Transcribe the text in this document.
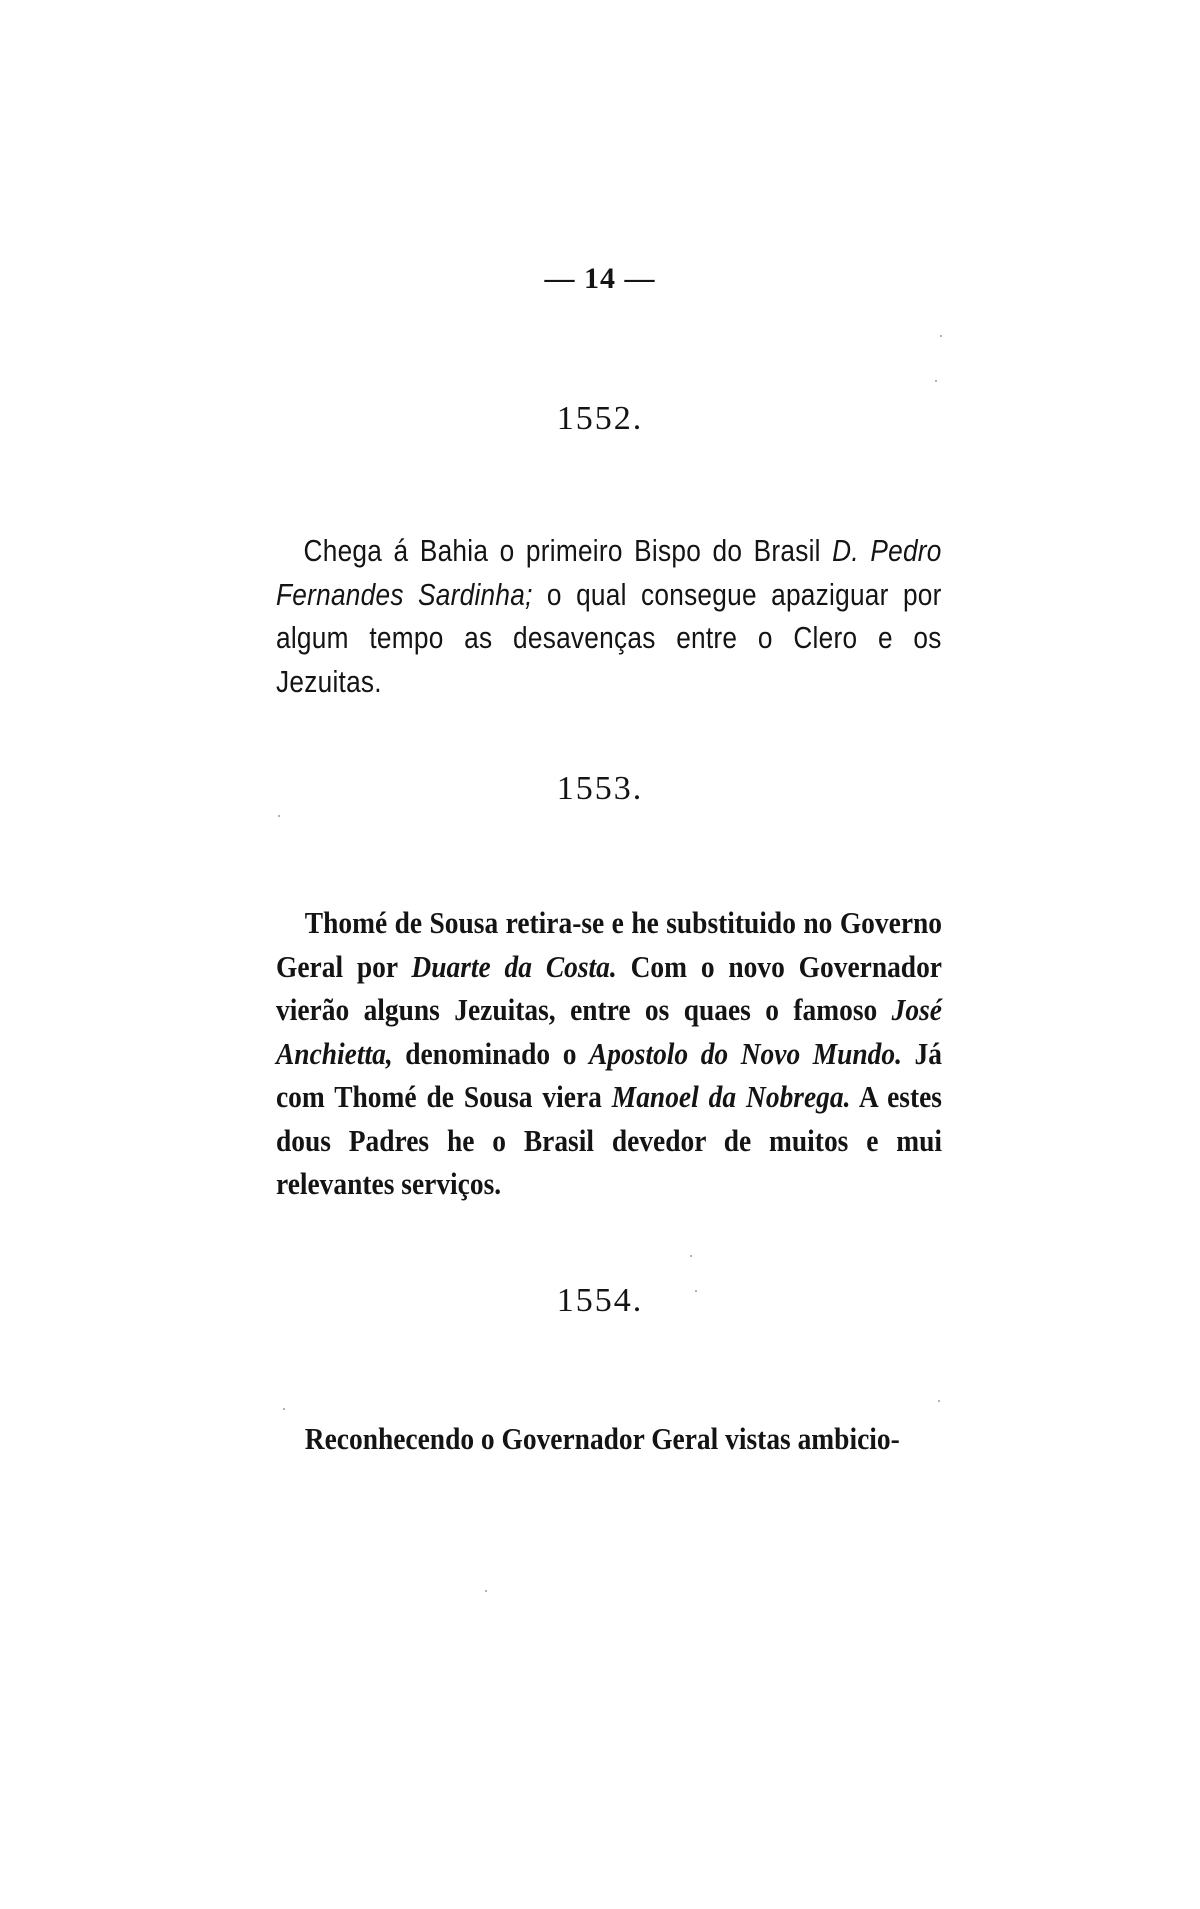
— 14 —
1552.

Chega á Bahia o primeiro Bispo do Brasil D. Pedro Fernandes Sardinha; o qual consegue apaziguar por algum tempo as desavenças entre o Clero e os Jezuitas.

1553.

Thomé de Sousa retira-se e he substituido no Governo Geral por Duarte da Costa. Com o novo Governador vierão alguns Jezuitas, entre os quaes o famoso José Anchietta, denominado o Apostolo do Novo Mundo. Já com Thomé de Sousa viera Manoel da Nobrega. A estes dous Padres he o Brasil devedor de muitos e mui relevantes serviços.

1554.

Reconhecendo o Governador Geral vistas ambicio-
